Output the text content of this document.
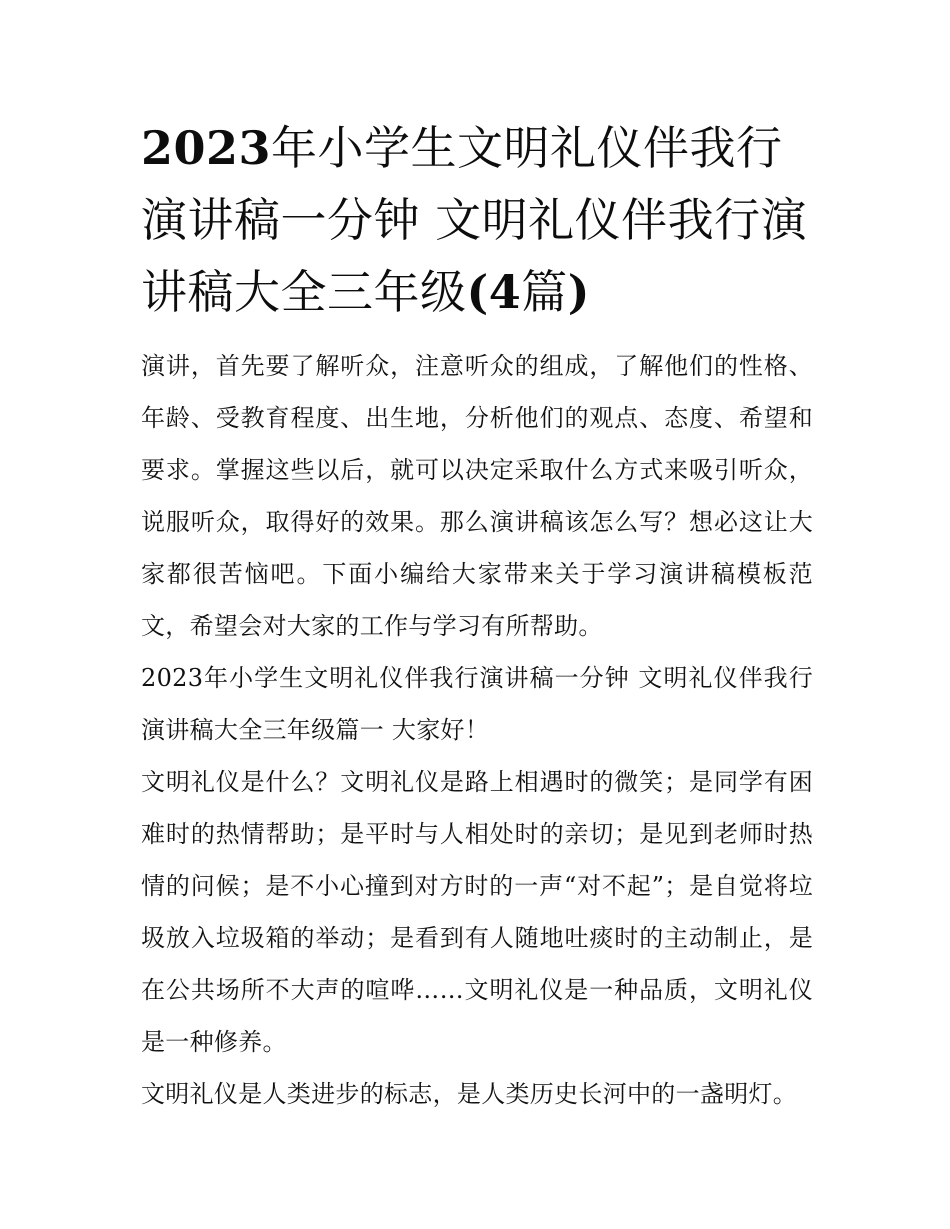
2023年小学生文明礼仪伴我行演讲稿一分钟 文明礼仪伴我行演讲稿大全三年级(4篇)

演讲，首先要了解听众，注意听众的组成，了解他们的性格、年龄、受教育程度、出生地，分析他们的观点、态度、希望和要求。掌握这些以后，就可以决定采取什么方式来吸引听众，说服听众，取得好的效果。那么演讲稿该怎么写？想必这让大家都很苦恼吧。下面小编给大家带来关于学习演讲稿模板范文，希望会对大家的工作与学习有所帮助。

2023年小学生文明礼仪伴我行演讲稿一分钟 文明礼仪伴我行演讲稿大全三年级篇一 大家好！

文明礼仪是什么？文明礼仪是路上相遇时的微笑；是同学有困难时的热情帮助；是平时与人相处时的亲切；是见到老师时热情的问候；是不小心撞到对方时的一声“对不起”；是自觉将垃圾放入垃圾箱的举动；是看到有人随地吐痰时的主动制止，是在公共场所不大声的喧哗……文明礼仪是一种品质，文明礼仪是一种修养。

文明礼仪是人类进步的标志，是人类历史长河中的一盏明灯。
